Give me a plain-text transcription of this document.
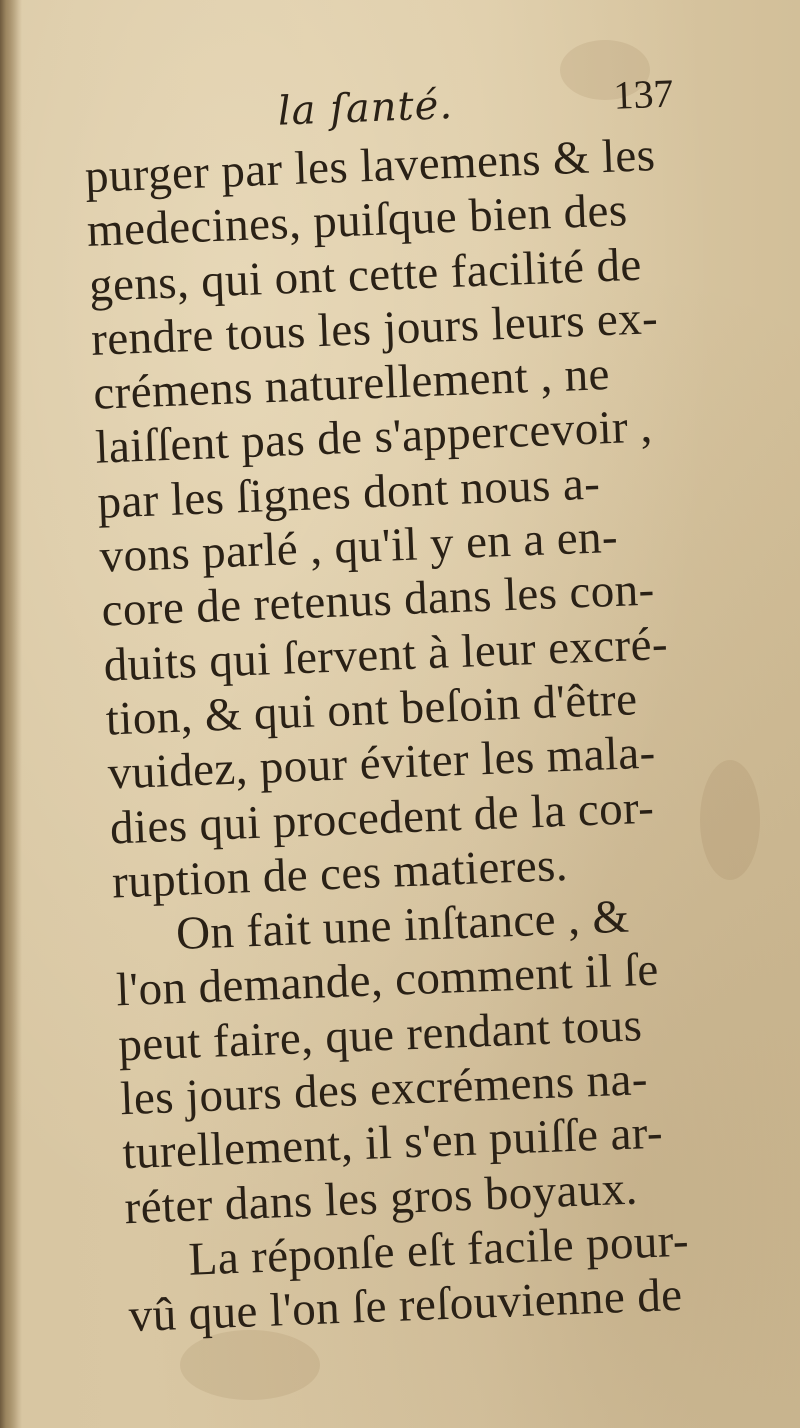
la ſanté.	137
purger par les lavemens & les
medecines, puiſque bien des
gens, qui ont cette facilité de
rendre tous les jours leurs ex-
crémens naturellement , ne
laiſſent pas de s'appercevoir ,
par les ſignes dont nous a-
vons parlé , qu'il y en a en-
core de retenus dans les con-
duits qui ſervent à leur excré-
tion, & qui ont beſoin d'être
vuidez, pour éviter les mala-
dies qui procedent de la cor-
ruption de ces matieres.
On fait une inſtance , &
l'on demande, comment il ſe
peut faire, que rendant tous
les jours des excrémens na-
turellement, il s'en puiſſe ar-
réter dans les gros boyaux.
La réponſe eſt facile pour-
vû que l'on ſe reſouvienne de
